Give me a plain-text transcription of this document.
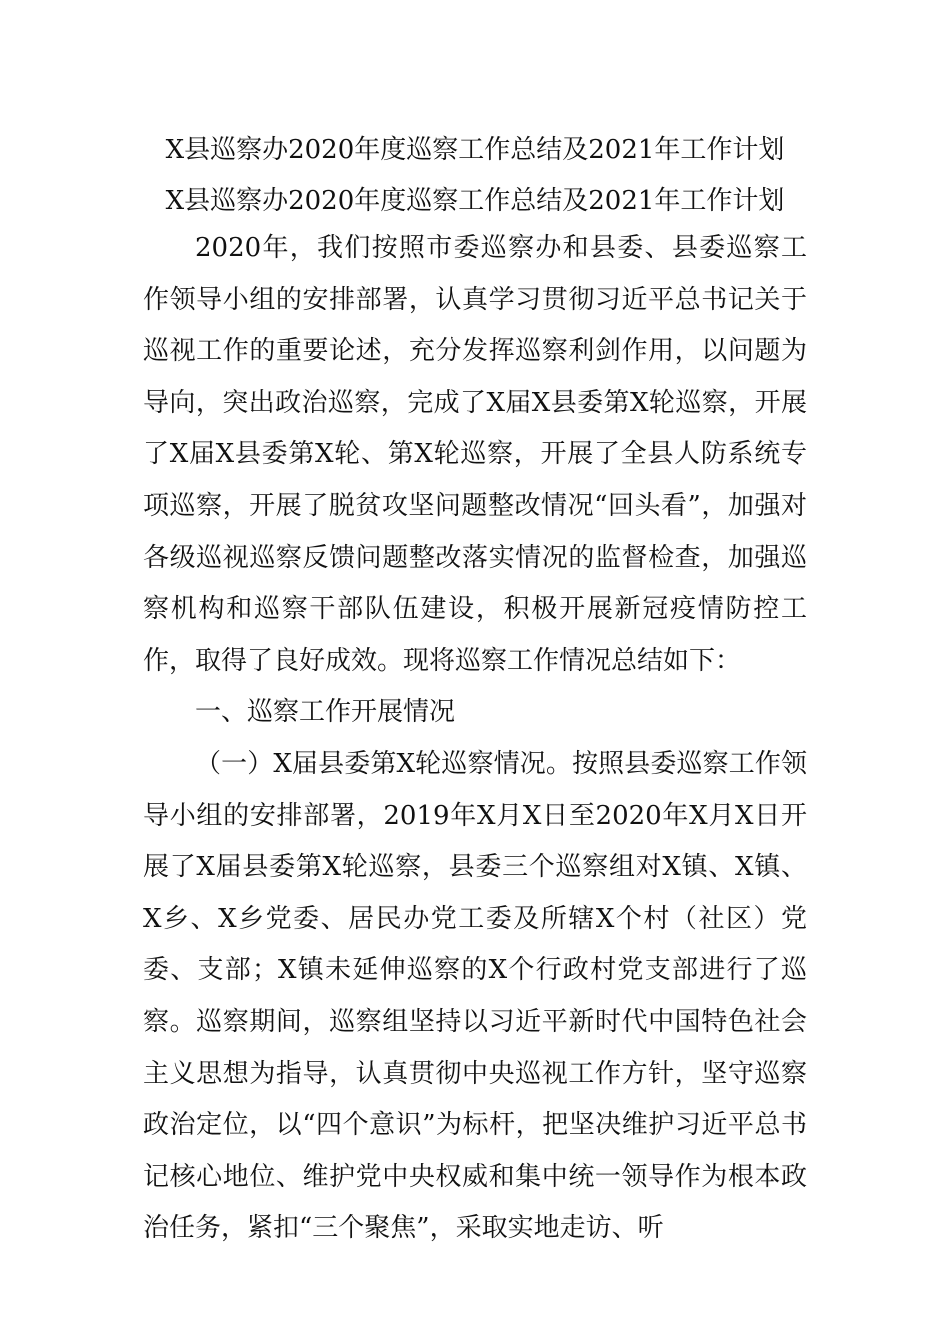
X县巡察办2020年度巡察工作总结及2021年工作计划
X县巡察办2020年度巡察工作总结及2021年工作计划

2020年，我们按照市委巡察办和县委、县委巡察工作领导小组的安排部署，认真学习贯彻习近平总书记关于巡视工作的重要论述，充分发挥巡察利剑作用，以问题为导向，突出政治巡察，完成了X届X县委第X轮巡察，开展了X届X县委第X轮、第X轮巡察，开展了全县人防系统专项巡察，开展了脱贫攻坚问题整改情况“回头看”，加强对各级巡视巡察反馈问题整改落实情况的监督检查，加强巡察机构和巡察干部队伍建设，积极开展新冠疫情防控工作，取得了良好成效。现将巡察工作情况总结如下：

一、巡察工作开展情况

（一）X届县委第X轮巡察情况。按照县委巡察工作领导小组的安排部署，2019年X月X日至2020年X月X日开展了X届县委第X轮巡察，县委三个巡察组对X镇、X镇、X乡、X乡党委、居民办党工委及所辖X个村（社区）党委、支部；X镇未延伸巡察的X个行政村党支部进行了巡察。巡察期间，巡察组坚持以习近平新时代中国特色社会主义思想为指导，认真贯彻中央巡视工作方针，坚守巡察政治定位，以“四个意识”为标杆，把坚决维护习近平总书记核心地位、维护党中央权威和集中统一领导作为根本政治任务，紧扣“三个聚焦”，采取实地走访、听
